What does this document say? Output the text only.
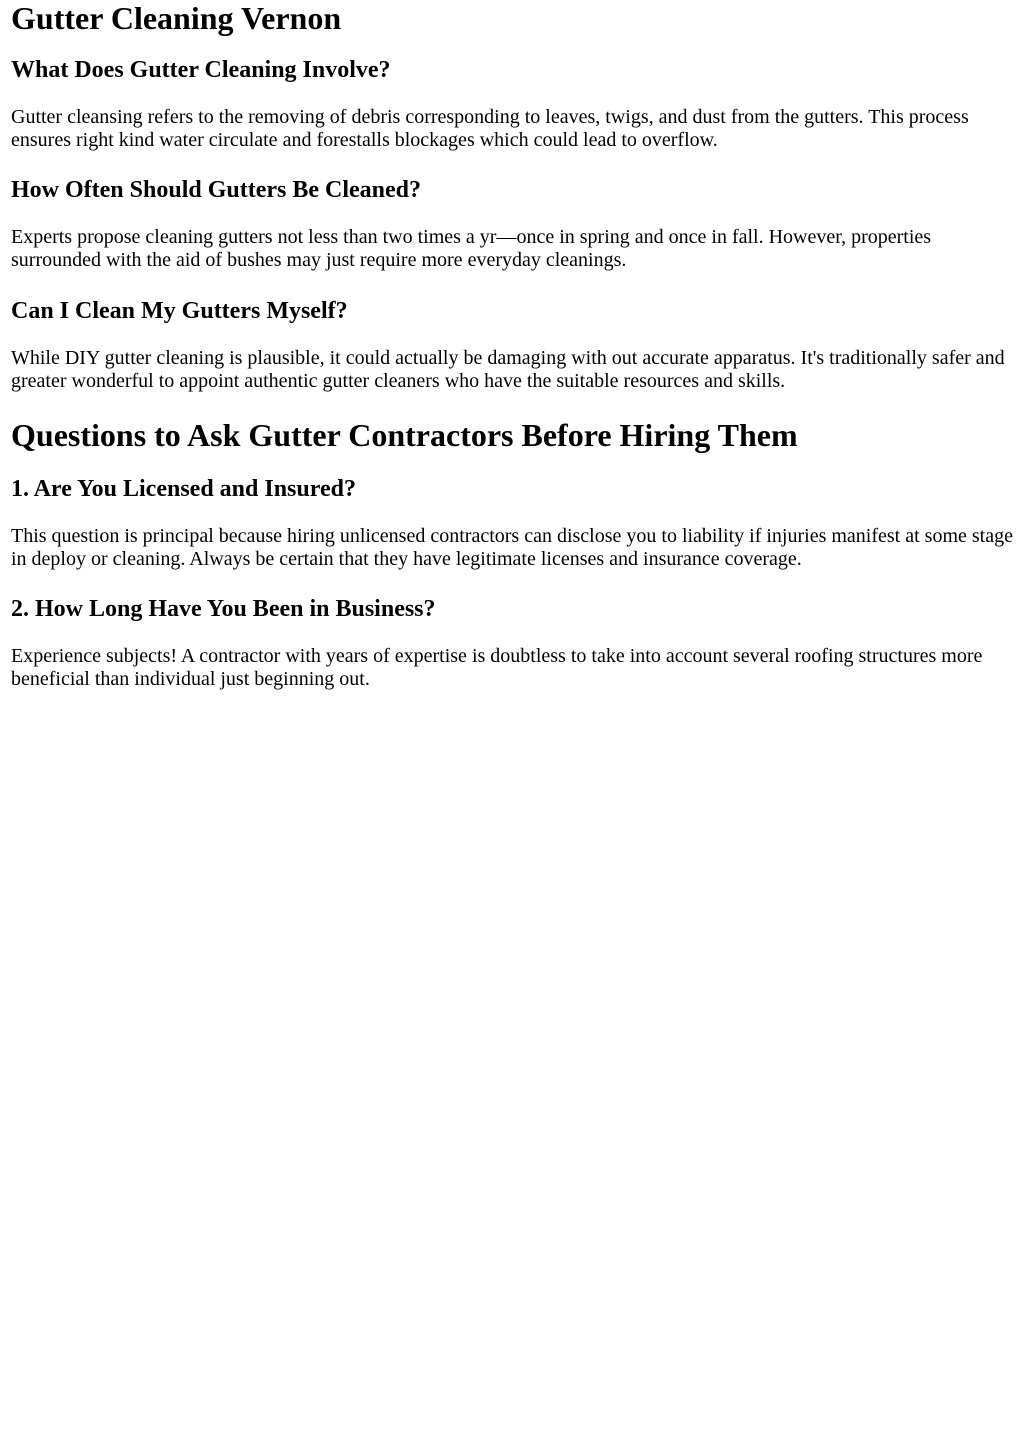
Gutter Cleaning Vernon
What Does Gutter Cleaning Involve?

Gutter cleansing refers to the removing of debris corresponding to leaves, twigs, and dust from the gutters. This process ensures right kind water circulate and forestalls blockages which could lead to overflow.

How Often Should Gutters Be Cleaned?

Experts propose cleaning gutters not less than two times a yr—once in spring and once in fall. However, properties surrounded with the aid of bushes may just require more everyday cleanings.

Can I Clean My Gutters Myself?

While DIY gutter cleaning is plausible, it could actually be damaging with out accurate apparatus. It's traditionally safer and greater wonderful to appoint authentic gutter cleaners who have the suitable resources and skills.

Questions to Ask Gutter Contractors Before Hiring Them
1. Are You Licensed and Insured?

This question is principal because hiring unlicensed contractors can disclose you to liability if injuries manifest at some stage in deploy or cleaning. Always be certain that they have legitimate licenses and insurance coverage.

2. How Long Have You Been in Business?

Experience subjects! A contractor with years of expertise is doubtless to take into account several roofing structures more beneficial than individual just beginning out.
